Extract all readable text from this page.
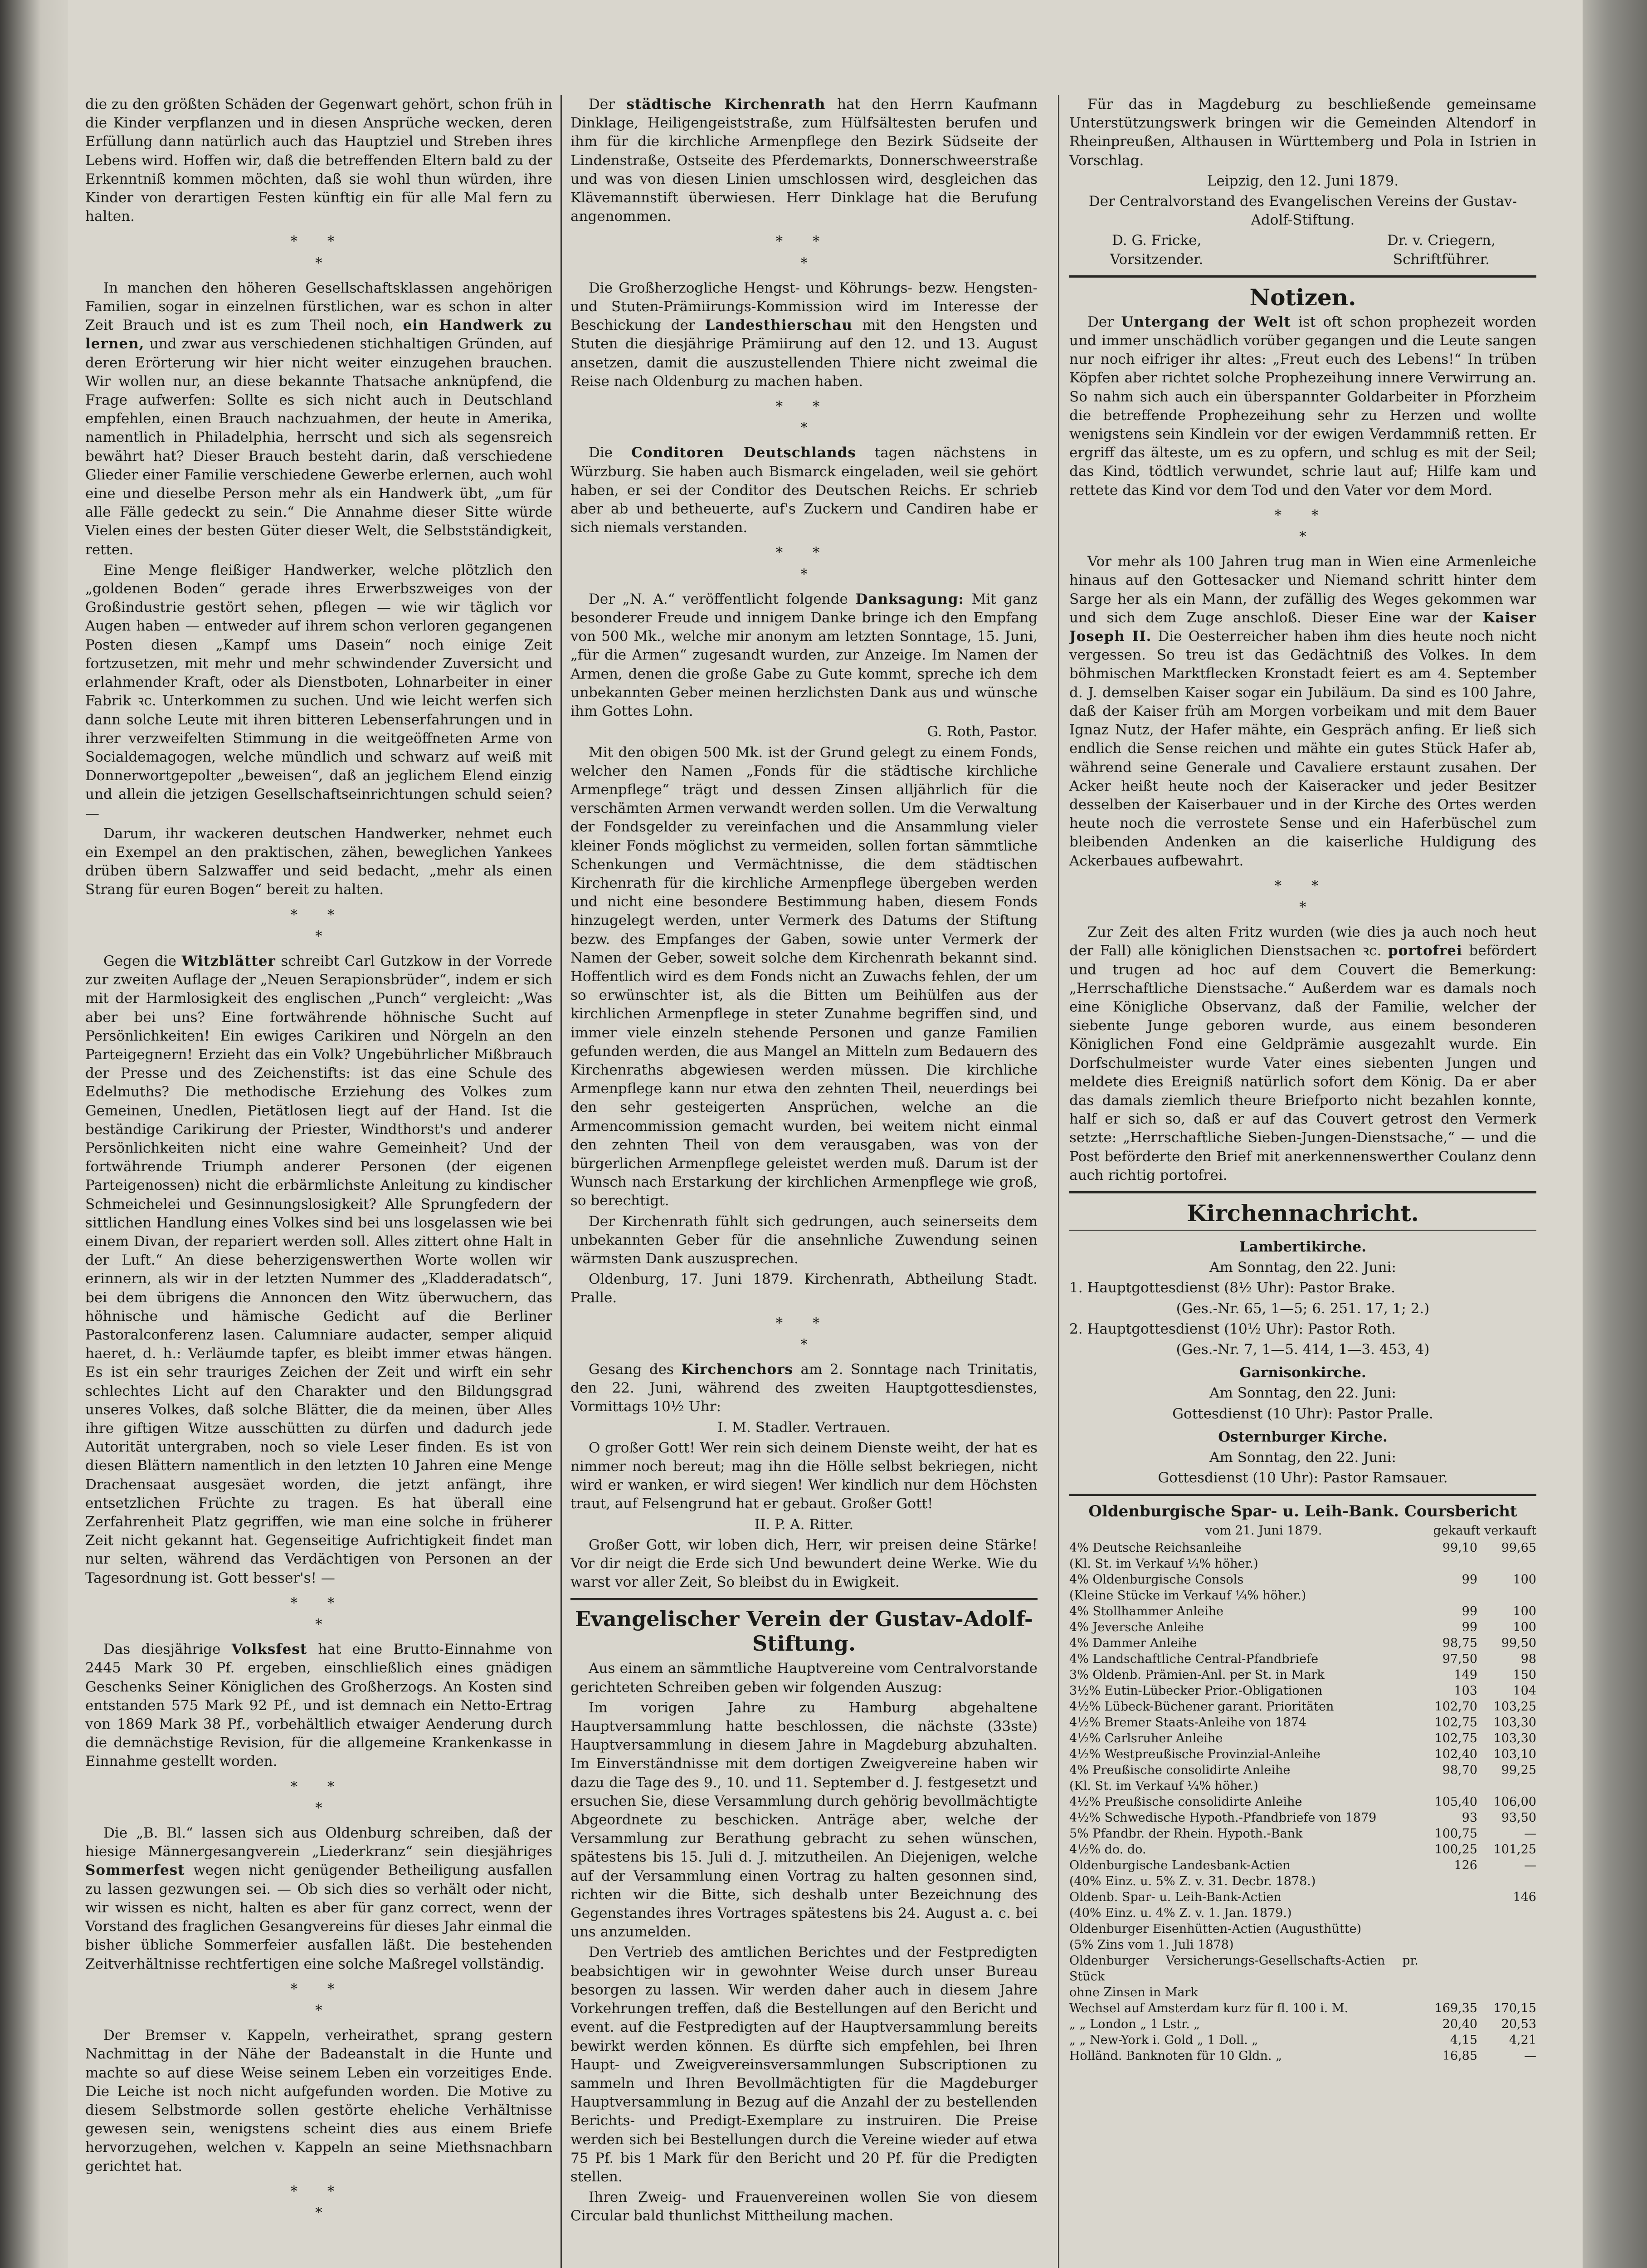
die zu den größten Schäden der Gegenwart gehört, schon früh in die Kinder verpflanzen und in diesen Ansprüche wecken, deren Erfüllung dann natürlich auch das Hauptziel und Streben ihres Lebens wird. Hoffen wir, daß die betreffenden Eltern bald zu der Erkenntniß kommen möchten, daß sie wohl thun würden, ihre Kinder von derartigen Festen künftig ein für alle Mal fern zu halten.

* *
*

In manchen den höheren Gesellschaftsklassen angehörigen Familien, sogar in einzelnen fürstlichen, war es schon in alter Zeit Brauch und ist es zum Theil noch, ein Handwerk zu lernen, und zwar aus verschiedenen stichhaltigen Gründen, auf deren Erörterung wir hier nicht weiter einzugehen brauchen. Wir wollen nur, an diese bekannte Thatsache anknüpfend, die Frage aufwerfen: Sollte es sich nicht auch in Deutschland empfehlen, einen Brauch nachzuahmen, der heute in Amerika, namentlich in Philadelphia, herrscht und sich als segensreich bewährt hat? Dieser Brauch besteht darin, daß verschiedene Glieder einer Familie verschiedene Gewerbe erlernen, auch wohl eine und dieselbe Person mehr als ein Handwerk übt, „um für alle Fälle gedeckt zu sein.“ Die Annahme dieser Sitte würde Vielen eines der besten Güter dieser Welt, die Selbstständigkeit, retten.

Eine Menge fleißiger Handwerker, welche plötzlich den „goldenen Boden“ gerade ihres Erwerbszweiges von der Großindustrie gestört sehen, pflegen — wie wir täglich vor Augen haben — entweder auf ihrem schon verloren gegangenen Posten diesen „Kampf ums Dasein“ noch einige Zeit fortzusetzen, mit mehr und mehr schwindender Zuversicht und erlahmender Kraft, oder als Dienstboten, Lohnarbeiter in einer Fabrik ꝛc. Unterkommen zu suchen. Und wie leicht werfen sich dann solche Leute mit ihren bitteren Lebenserfahrungen und in ihrer verzweifelten Stimmung in die weitgeöffneten Arme von Socialdemagogen, welche mündlich und schwarz auf weiß mit Donnerwortgepolter „beweisen“, daß an jeglichem Elend einzig und allein die jetzigen Gesellschaftseinrichtungen schuld seien? —

Darum, ihr wackeren deutschen Handwerker, nehmet euch ein Exempel an den praktischen, zähen, beweglichen Yankees drüben übern Salzwaffer und seid bedacht, „mehr als einen Strang für euren Bogen“ bereit zu halten.

* *
*

Gegen die Witzblätter schreibt Carl Gutzkow in der Vorrede zur zweiten Auflage der „Neuen Serapionsbrüder“, indem er sich mit der Harmlosigkeit des englischen „Punch“ vergleicht: „Was aber bei uns? Eine fortwährende höhnische Sucht auf Persönlichkeiten! Ein ewiges Carikiren und Nörgeln an den Parteigegnern! Erzieht das ein Volk? Ungebührlicher Mißbrauch der Presse und des Zeichenstifts: ist das eine Schule des Edelmuths? Die methodische Erziehung des Volkes zum Gemeinen, Unedlen, Pietätlosen liegt auf der Hand. Ist die beständige Carikirung der Priester, Windthorst's und anderer Persönlichkeiten nicht eine wahre Gemeinheit? Und der fortwährende Triumph anderer Personen (der eigenen Parteigenossen) nicht die erbärmlichste Anleitung zu kindischer Schmeichelei und Gesinnungslosigkeit? Alle Sprungfedern der sittlichen Handlung eines Volkes sind bei uns losgelassen wie bei einem Divan, der repariert werden soll. Alles zittert ohne Halt in der Luft.“ An diese beherzigenswerthen Worte wollen wir erinnern, als wir in der letzten Nummer des „Kladderadatsch“, bei dem übrigens die Annoncen den Witz überwuchern, das höhnische und hämische Gedicht auf die Berliner Pastoralconferenz lasen. Calumniare audacter, semper aliquid haeret, d. h.: Verläumde tapfer, es bleibt immer etwas hängen. Es ist ein sehr trauriges Zeichen der Zeit und wirft ein sehr schlechtes Licht auf den Charakter und den Bildungsgrad unseres Volkes, daß solche Blätter, die da meinen, über Alles ihre giftigen Witze ausschütten zu dürfen und dadurch jede Autorität untergraben, noch so viele Leser finden. Es ist von diesen Blättern namentlich in den letzten 10 Jahren eine Menge Drachensaat ausgesäet worden, die jetzt anfängt, ihre entsetzlichen Früchte zu tragen. Es hat überall eine Zerfahrenheit Platz gegriffen, wie man eine solche in früherer Zeit nicht gekannt hat. Gegenseitige Aufrichtigkeit findet man nur selten, während das Verdächtigen von Personen an der Tagesordnung ist. Gott besser's! —

* *
*

Das diesjährige Volksfest hat eine Brutto-Einnahme von 2445 Mark 30 Pf. ergeben, einschließlich eines gnädigen Geschenks Seiner Königlichen des Großherzogs. An Kosten sind entstanden 575 Mark 92 Pf., und ist demnach ein Netto-Ertrag von 1869 Mark 38 Pf., vorbehältlich etwaiger Aenderung durch die demnächstige Revision, für die allgemeine Krankenkasse in Einnahme gestellt worden.

* *
*

Die „B. Bl.“ lassen sich aus Oldenburg schreiben, daß der hiesige Männergesangverein „Liederkranz“ sein diesjähriges Sommerfest wegen nicht genügender Betheiligung ausfallen zu lassen gezwungen sei. — Ob sich dies so verhält oder nicht, wir wissen es nicht, halten es aber für ganz correct, wenn der Vorstand des fraglichen Gesangvereins für dieses Jahr einmal die bisher übliche Sommerfeier ausfallen läßt. Die bestehenden Zeitverhältnisse rechtfertigen eine solche Maßregel vollständig.

* *
*

Der Bremser v. Kappeln, verheirathet, sprang gestern Nachmittag in der Nähe der Badeanstalt in die Hunte und machte so auf diese Weise seinem Leben ein vorzeitiges Ende. Die Leiche ist noch nicht aufgefunden worden. Die Motive zu diesem Selbstmorde sollen gestörte eheliche Verhältnisse gewesen sein, wenigstens scheint dies aus einem Briefe hervorzugehen, welchen v. Kappeln an seine Miethsnachbarn gerichtet hat.

* *
*

Der städtische Kirchenrath hat den Herrn Kaufmann Dinklage, Heiligengeiststraße, zum Hülfsältesten berufen und ihm für die kirchliche Armenpflege den Bezirk Südseite der Lindenstraße, Ostseite des Pferdemarkts, Donnerschweerstraße und was von diesen Linien umschlossen wird, desgleichen das Klävemannstift überwiesen. Herr Dinklage hat die Berufung angenommen.

* *
*

Die Großherzogliche Hengst- und Köhrungs- bezw. Hengsten- und Stuten-Prämiirungs-Kommission wird im Interesse der Beschickung der Landesthierschau mit den Hengsten und Stuten die diesjährige Prämiirung auf den 12. und 13. August ansetzen, damit die auszustellenden Thiere nicht zweimal die Reise nach Oldenburg zu machen haben.

* *
*

Die Conditoren Deutschlands tagen nächstens in Würzburg. Sie haben auch Bismarck eingeladen, weil sie gehört haben, er sei der Conditor des Deutschen Reichs. Er schrieb aber ab und betheuerte, auf's Zuckern und Candiren habe er sich niemals verstanden.

* *
*

Der „N. A.“ veröffentlicht folgende Danksagung: Mit ganz besonderer Freude und innigem Danke bringe ich den Empfang von 500 Mk., welche mir anonym am letzten Sonntage, 15. Juni, „für die Armen“ zugesandt wurden, zur Anzeige. Im Namen der Armen, denen die große Gabe zu Gute kommt, spreche ich dem unbekannten Geber meinen herzlichsten Dank aus und wünsche ihm Gottes Lohn.

G. Roth, Pastor.

Mit den obigen 500 Mk. ist der Grund gelegt zu einem Fonds, welcher den Namen „Fonds für die städtische kirchliche Armenpflege“ trägt und dessen Zinsen alljährlich für die verschämten Armen verwandt werden sollen. Um die Verwaltung der Fondsgelder zu vereinfachen und die Ansammlung vieler kleiner Fonds möglichst zu vermeiden, sollen fortan sämmtliche Schenkungen und Vermächtnisse, die dem städtischen Kirchenrath für die kirchliche Armenpflege übergeben werden und nicht eine besondere Bestimmung haben, diesem Fonds hinzugelegt werden, unter Vermerk des Datums der Stiftung bezw. des Empfanges der Gaben, sowie unter Vermerk der Namen der Geber, soweit solche dem Kirchenrath bekannt sind. Hoffentlich wird es dem Fonds nicht an Zuwachs fehlen, der um so erwünschter ist, als die Bitten um Beihülfen aus der kirchlichen Armenpflege in steter Zunahme begriffen sind, und immer viele einzeln stehende Personen und ganze Familien gefunden werden, die aus Mangel an Mitteln zum Bedauern des Kirchenraths abgewiesen werden müssen. Die kirchliche Armenpflege kann nur etwa den zehnten Theil, neuerdings bei den sehr gesteigerten Ansprüchen, welche an die Armencommission gemacht wurden, bei weitem nicht einmal den zehnten Theil von dem verausgaben, was von der bürgerlichen Armenpflege geleistet werden muß. Darum ist der Wunsch nach Erstarkung der kirchlichen Armenpflege wie groß, so berechtigt.

Der Kirchenrath fühlt sich gedrungen, auch seinerseits dem unbekannten Geber für die ansehnliche Zuwendung seinen wärmsten Dank auszusprechen.

Oldenburg, 17. Juni 1879. Kirchenrath, Abtheilung Stadt. Pralle.

* *
*

Gesang des Kirchenchors am 2. Sonntage nach Trinitatis, den 22. Juni, während des zweiten Hauptgottesdienstes, Vormittags 10½ Uhr:

I. M. Stadler. Vertrauen.

O großer Gott! Wer rein sich deinem Dienste weiht, der hat es nimmer noch bereut; mag ihn die Hölle selbst bekriegen, nicht wird er wanken, er wird siegen! Wer kindlich nur dem Höchsten traut, auf Felsengrund hat er gebaut. Großer Gott!

II. P. A. Ritter.

Großer Gott, wir loben dich, Herr, wir preisen deine Stärke! Vor dir neigt die Erde sich Und bewundert deine Werke. Wie du warst vor aller Zeit, So bleibst du in Ewigkeit.

Evangelischer Verein der Gustav-Adolf-Stiftung.

Aus einem an sämmtliche Hauptvereine vom Centralvorstande gerichteten Schreiben geben wir folgenden Auszug:

Im vorigen Jahre zu Hamburg abgehaltene Hauptversammlung hatte beschlossen, die nächste (33ste) Hauptversammlung in diesem Jahre in Magdeburg abzuhalten. Im Einverständnisse mit dem dortigen Zweigvereine haben wir dazu die Tage des 9., 10. und 11. September d. J. festgesetzt und ersuchen Sie, diese Versammlung durch gehörig bevollmächtigte Abgeordnete zu beschicken. Anträge aber, welche der Versammlung zur Berathung gebracht zu sehen wünschen, spätestens bis 15. Juli d. J. mitzutheilen. An Diejenigen, welche auf der Versammlung einen Vortrag zu halten gesonnen sind, richten wir die Bitte, sich deshalb unter Bezeichnung des Gegenstandes ihres Vortrages spätestens bis 24. August a. c. bei uns anzumelden.

Den Vertrieb des amtlichen Berichtes und der Festpredigten beabsichtigen wir in gewohnter Weise durch unser Bureau besorgen zu lassen. Wir werden daher auch in diesem Jahre Vorkehrungen treffen, daß die Bestellungen auf den Bericht und event. auf die Festpredigten auf der Hauptversammlung bereits bewirkt werden können. Es dürfte sich empfehlen, bei Ihren Haupt- und Zweigvereinsversammlungen Subscriptionen zu sammeln und Ihren Bevollmächtigten für die Magdeburger Hauptversammlung in Bezug auf die Anzahl der zu bestellenden Berichts- und Predigt-Exemplare zu instruiren. Die Preise werden sich bei Bestellungen durch die Vereine wieder auf etwa 75 Pf. bis 1 Mark für den Bericht und 20 Pf. für die Predigten stellen.

Ihren Zweig- und Frauenvereinen wollen Sie von diesem Circular bald thunlichst Mittheilung machen.

Für das in Magdeburg zu beschließende gemeinsame Unterstützungswerk bringen wir die Gemeinden Altendorf in Rheinpreußen, Althausen in Württemberg und Pola in Istrien in Vorschlag.

Leipzig, den 12. Juni 1879.

Der Centralvorstand des Evangelischen Vereins der Gustav-Adolf-Stiftung.

D. G. Fricke,
Vorsitzender.
Dr. v. Criegern,
Schriftführer.
Notizen.

Der Untergang der Welt ist oft schon prophezeit worden und immer unschädlich vorüber gegangen und die Leute sangen nur noch eifriger ihr altes: „Freut euch des Lebens!“ In trüben Köpfen aber richtet solche Prophezeihung innere Verwirrung an. So nahm sich auch ein überspannter Goldarbeiter in Pforzheim die betreffende Prophezeihung sehr zu Herzen und wollte wenigstens sein Kindlein vor der ewigen Verdammniß retten. Er ergriff das älteste, um es zu opfern, und schlug es mit der Seil; das Kind, tödtlich verwundet, schrie laut auf; Hilfe kam und rettete das Kind vor dem Tod und den Vater vor dem Mord.

* *
*

Vor mehr als 100 Jahren trug man in Wien eine Armenleiche hinaus auf den Gottesacker und Niemand schritt hinter dem Sarge her als ein Mann, der zufällig des Weges gekommen war und sich dem Zuge anschloß. Dieser Eine war der Kaiser Joseph II. Die Oesterreicher haben ihm dies heute noch nicht vergessen. So treu ist das Gedächtniß des Volkes. In dem böhmischen Marktflecken Kronstadt feiert es am 4. September d. J. demselben Kaiser sogar ein Jubiläum. Da sind es 100 Jahre, daß der Kaiser früh am Morgen vorbeikam und mit dem Bauer Ignaz Nutz, der Hafer mähte, ein Gespräch anfing. Er ließ sich endlich die Sense reichen und mähte ein gutes Stück Hafer ab, während seine Generale und Cavaliere erstaunt zusahen. Der Acker heißt heute noch der Kaiseracker und jeder Besitzer desselben der Kaiserbauer und in der Kirche des Ortes werden heute noch die verrostete Sense und ein Haferbüschel zum bleibenden Andenken an die kaiserliche Huldigung des Ackerbaues aufbewahrt.

* *
*

Zur Zeit des alten Fritz wurden (wie dies ja auch noch heut der Fall) alle königlichen Dienstsachen ꝛc. portofrei befördert und trugen ad hoc auf dem Couvert die Bemerkung: „Herrschaftliche Dienstsache.“ Außerdem war es damals noch eine Königliche Observanz, daß der Familie, welcher der siebente Junge geboren wurde, aus einem besonderen Königlichen Fond eine Geldprämie ausgezahlt wurde. Ein Dorfschulmeister wurde Vater eines siebenten Jungen und meldete dies Ereigniß natürlich sofort dem König. Da er aber das damals ziemlich theure Briefporto nicht bezahlen konnte, half er sich so, daß er auf das Couvert getrost den Vermerk setzte: „Herrschaftliche Sieben-Jungen-Dienstsache,“ — und die Post beförderte den Brief mit anerkennenswerther Coulanz denn auch richtig portofrei.

Kirchennachricht.

Lambertikirche.

Am Sonntag, den 22. Juni:

1. Hauptgottesdienst (8½ Uhr): Pastor Brake.

(Ges.-Nr. 65, 1—5; 6. 251. 17, 1; 2.)

2. Hauptgottesdienst (10½ Uhr): Pastor Roth.

(Ges.-Nr. 7, 1—5. 414, 1—3. 453, 4)

Garnisonkirche.

Am Sonntag, den 22. Juni:

Gottesdienst (10 Uhr): Pastor Pralle.

Osternburger Kirche.

Am Sonntag, den 22. Juni:

Gottesdienst (10 Uhr): Pastor Ramsauer.

Oldenburgische Spar- u. Leih-Bank. Coursbericht
vom 21. Juni 1879.	gekauft verkauft
4% Deutsche Reichsanleihe	99,10	99,65
(Kl. St. im Verkauf ¼% höher.)		
4% Oldenburgische Consols	99	100
(Kleine Stücke im Verkauf ¼% höher.)		
4% Stollhammer Anleihe	99	100
4% Jeversche Anleihe	99	100
4% Dammer Anleihe	98,75	99,50
4% Landschaftliche Central-Pfandbriefe	97,50	98
3% Oldenb. Prämien-Anl. per St. in Mark	149	150
3½% Eutin-Lübecker Prior.-Obligationen	103	104
4½% Lübeck-Büchener garant. Prioritäten	102,70	103,25
4½% Bremer Staats-Anleihe von 1874	102,75	103,30
4½% Carlsruher Anleihe	102,75	103,30
4½% Westpreußische Provinzial-Anleihe	102,40	103,10
4% Preußische consolidirte Anleihe	98,70	99,25
(Kl. St. im Verkauf ¼% höher.)		
4½% Preußische consolidirte Anleihe	105,40	106,00
4½% Schwedische Hypoth.-Pfandbriefe von 1879	93	93,50
5% Pfandbr. der Rhein. Hypoth.-Bank	100,75	—
4½% do. do.	100,25	101,25
Oldenburgische Landesbank-Actien	126	—
(40% Einz. u. 5% Z. v. 31. Decbr. 1878.)		
Oldenb. Spar- u. Leih-Bank-Actien		146
(40% Einz. u. 4% Z. v. 1. Jan. 1879.)		
Oldenburger Eisenhütten-Actien (Augusthütte)		
(5% Zins vom 1. Juli 1878)		
Oldenburger Versicherungs-Gesellschafts-Actien pr. Stück		
ohne Zinsen in Mark		
Wechsel auf Amsterdam kurz für fl. 100 i. M.	169,35	170,15
„ „ London „ 1 Lstr. „	20,40	20,53
„ „ New-York i. Gold „ 1 Doll. „	4,15	4,21
Holländ. Banknoten für 10 Gldn. „	16,85	—
